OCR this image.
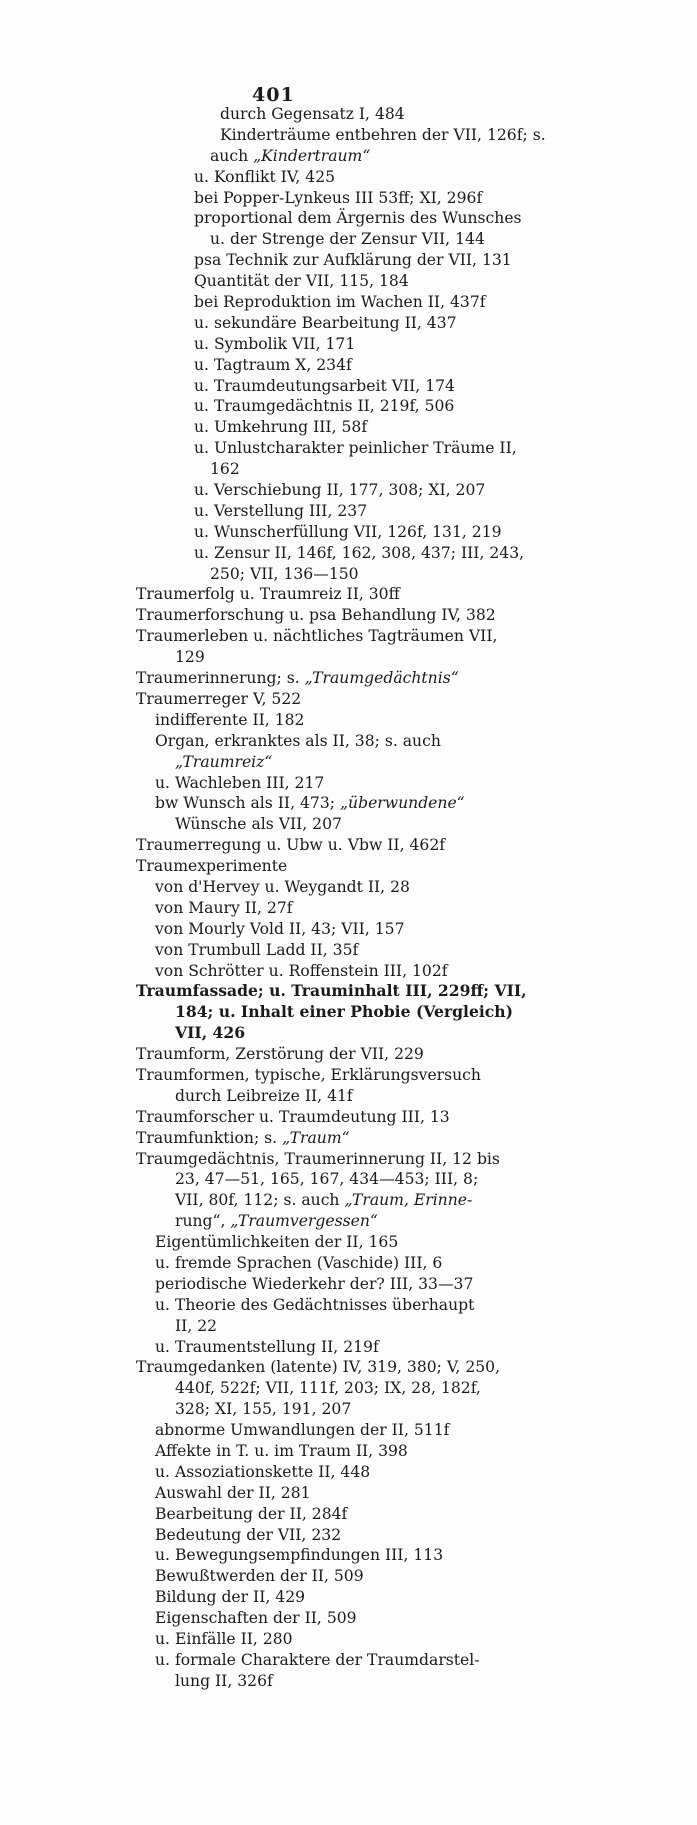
401
durch Gegensatz I, 484
Kinderträume entbehren der VII, 126f; s.
auch „Kindertraum“
u. Konflikt IV, 425
bei Popper-Lynkeus III 53ff; XI, 296f
proportional dem Ärgernis des Wunsches
u. der Strenge der Zensur VII, 144
psa Technik zur Aufklärung der VII, 131
Quantität der VII, 115, 184
bei Reproduktion im Wachen II, 437f
u. sekundäre Bearbeitung II, 437
u. Symbolik VII, 171
u. Tagtraum X, 234f
u. Traumdeutungsarbeit VII, 174
u. Traumgedächtnis II, 219f, 506
u. Umkehrung III, 58f
u. Unlustcharakter peinlicher Träume II,
162
u. Verschiebung II, 177, 308; XI, 207
u. Verstellung III, 237
u. Wunscherfüllung VII, 126f, 131, 219
u. Zensur II, 146f, 162, 308, 437; III, 243,
250; VII, 136—150
Traumerfolg u. Traumreiz II, 30ff
Traumerforschung u. psa Behandlung IV, 382
Traumerleben u. nächtliches Tagträumen VII,
129
Traumerinnerung; s. „Traumgedächtnis“
Traumerreger V, 522
indifferente II, 182
Organ, erkranktes als II, 38; s. auch
„Traumreiz“
u. Wachleben III, 217
bw Wunsch als II, 473; „überwundene“
Wünsche als VII, 207
Traumerregung u. Ubw u. Vbw II, 462f
Traumexperimente
von d'Hervey u. Weygandt II, 28
von Maury II, 27f
von Mourly Vold II, 43; VII, 157
von Trumbull Ladd II, 35f
von Schrötter u. Roffenstein III, 102f
Traumfassade; u. Trauminhalt III, 229ff; VII,
184; u. Inhalt einer Phobie (Vergleich)
VII, 426
Traumform, Zerstörung der VII, 229
Traumformen, typische, Erklärungsversuch
durch Leibreize II, 41f
Traumforscher u. Traumdeutung III, 13
Traumfunktion; s. „Traum“
Traumgedächtnis, Traumerinnerung II, 12 bis
23, 47—51, 165, 167, 434—453; III, 8;
VII, 80f, 112; s. auch „Traum, Erinne-
rung“, „Traumvergessen“
Eigentümlichkeiten der II, 165
u. fremde Sprachen (Vaschide) III, 6
periodische Wiederkehr der? III, 33—37
u. Theorie des Gedächtnisses überhaupt
II, 22
u. Traumentstellung II, 219f
Traumgedanken (latente) IV, 319, 380; V, 250,
440f, 522f; VII, 111f, 203; IX, 28, 182f,
328; XI, 155, 191, 207
abnorme Umwandlungen der II, 511f
Affekte in T. u. im Traum II, 398
u. Assoziationskette II, 448
Auswahl der II, 281
Bearbeitung der II, 284f
Bedeutung der VII, 232
u. Bewegungsempfindungen III, 113
Bewußtwerden der II, 509
Bildung der II, 429
Eigenschaften der II, 509
u. Einfälle II, 280
u. formale Charaktere der Traumdarstel-
lung II, 326f
